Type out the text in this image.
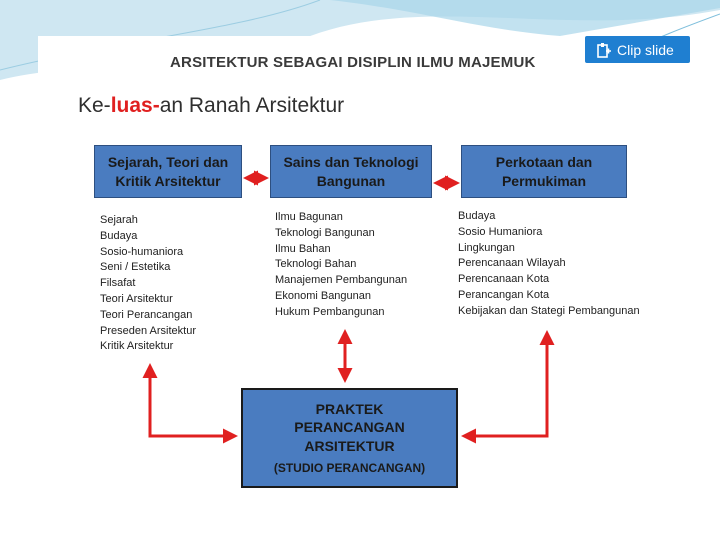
Clip slide
ARSITEKTUR SEBAGAI DISIPLIN ILMU MAJEMUK
Ke-luas-an Ranah Arsitektur
Sejarah, Teori dan
Kritik Arsitektur
Sains dan Teknologi
Bangunan
Perkotaan dan
Permukiman
PRAKTEK
PERANCANGAN
ARSITEKTUR
(STUDIO PERANCANGAN)
Sejarah
Budaya
Sosio-humaniora
Seni / Estetika
Filsafat
Teori Arsitektur
Teori Perancangan
Preseden Arsitektur
Kritik Arsitektur
Ilmu Bagunan
Teknologi Bangunan
Ilmu Bahan
Teknologi Bahan
Manajemen Pembangunan
Ekonomi Bangunan
Hukum Pembangunan
Budaya
Sosio Humaniora
Lingkungan
Perencanaan Wilayah
Perencanaan Kota
Perancangan Kota
Kebijakan dan Stategi Pembangunan
